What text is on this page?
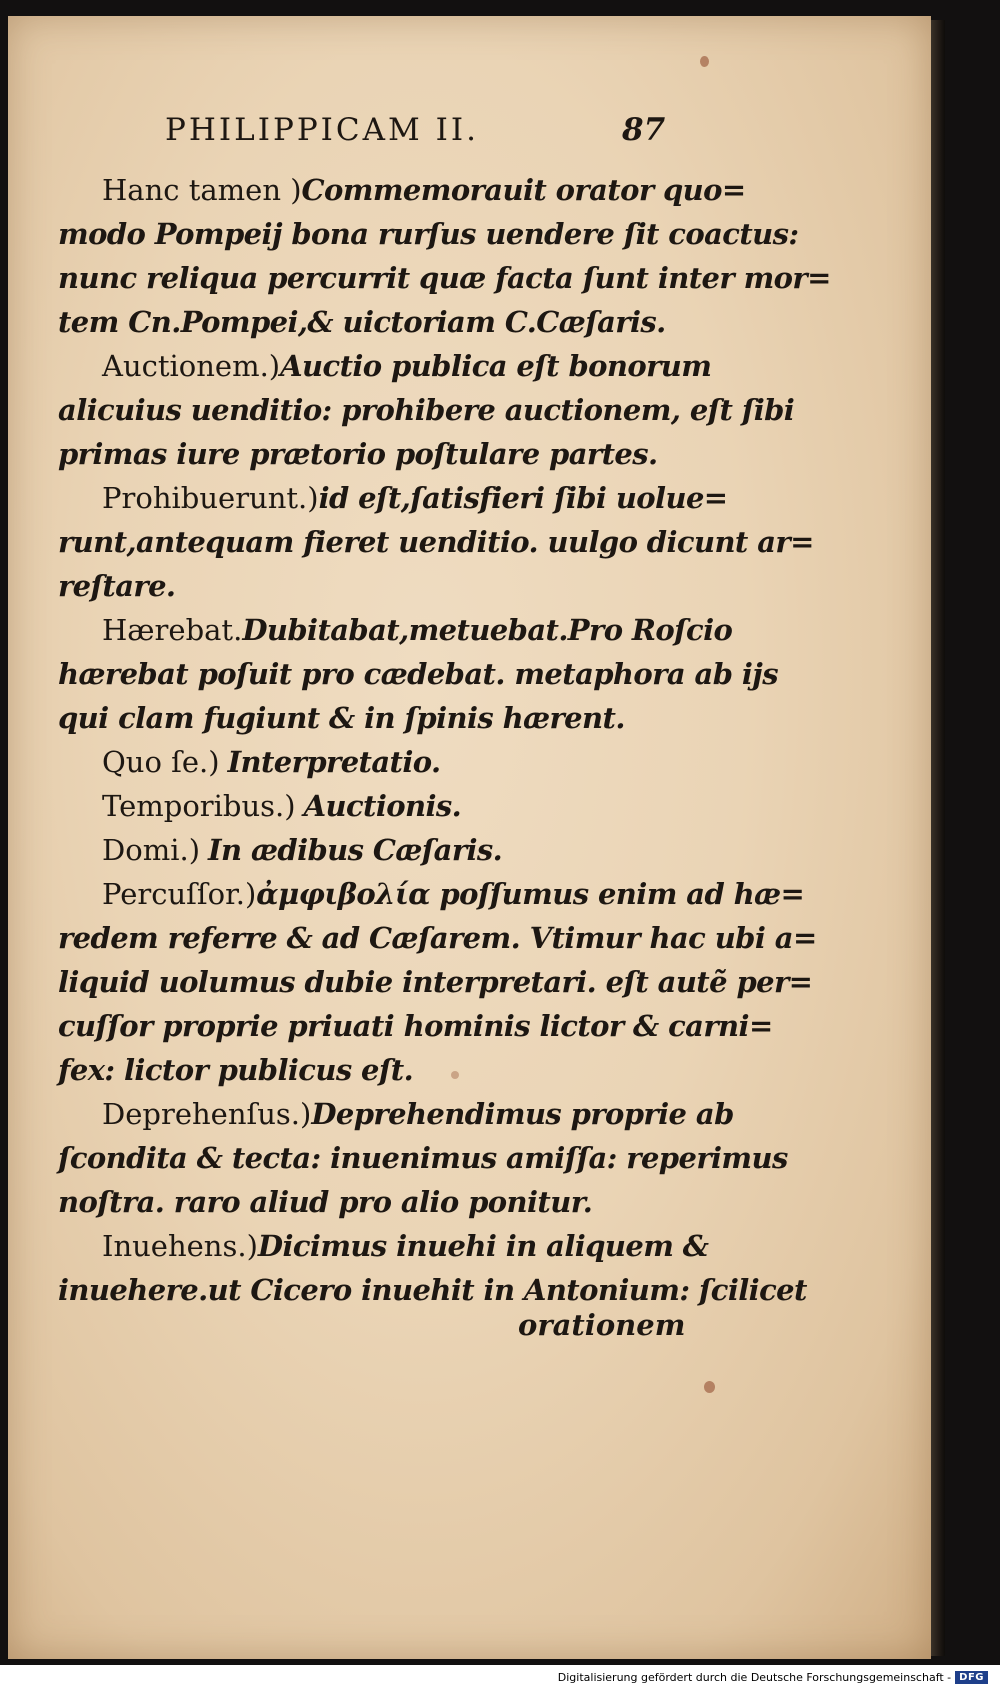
PHILIPPICAM II.	87
Hanc tamen ) Commemorauit orator quo=
modo Pompeij bona rurſus uendere ſit coactus:
nunc reliqua percurrit quæ facta ſunt inter mor=
tem Cn.Pompei,& uictoriam C.Cæſaris.
Auctionem.) Auctio publica eſt bonorum
alicuius uenditio: prohibere auctionem, eſt ſibi
primas iure prætorio poſtulare partes.
Prohibuerunt.) id eſt,ſatisfieri ſibi uolue=
runt,antequam fieret uenditio. uulgo dicunt ar=
reſtare.
Hærebat. Dubitabat,metuebat.Pro Roſcio
hærebat poſuit pro cædebat. metaphora ab ijs
qui clam fugiunt & in ſpinis hærent.
Quo ſe.) Interpretatio.
Temporibus.) Auctionis.
Domi.) In ædibus Cæſaris.
Percuſſor.) ἀμφιβολία poſſumus enim ad hæ=
redem referre & ad Cæſarem. Vtimur hac ubi a=
liquid uolumus dubie interpretari. eſt autẽ per=
cuſſor proprie priuati hominis lictor & carni=
fex: lictor publicus eſt.
Deprehenſus.) Deprehendimus proprie ab
ſcondita & tecta: inuenimus amiſſa: reperimus
noſtra. raro aliud pro alio ponitur.
Inuehens.) Dicimus inuehi in aliquem &
inuehere.ut Cicero inuehit in Antonium: ſcilicet
orationem
Digitalisierung gefördert durch die Deutsche Forschungsgemeinschaft - DFG
